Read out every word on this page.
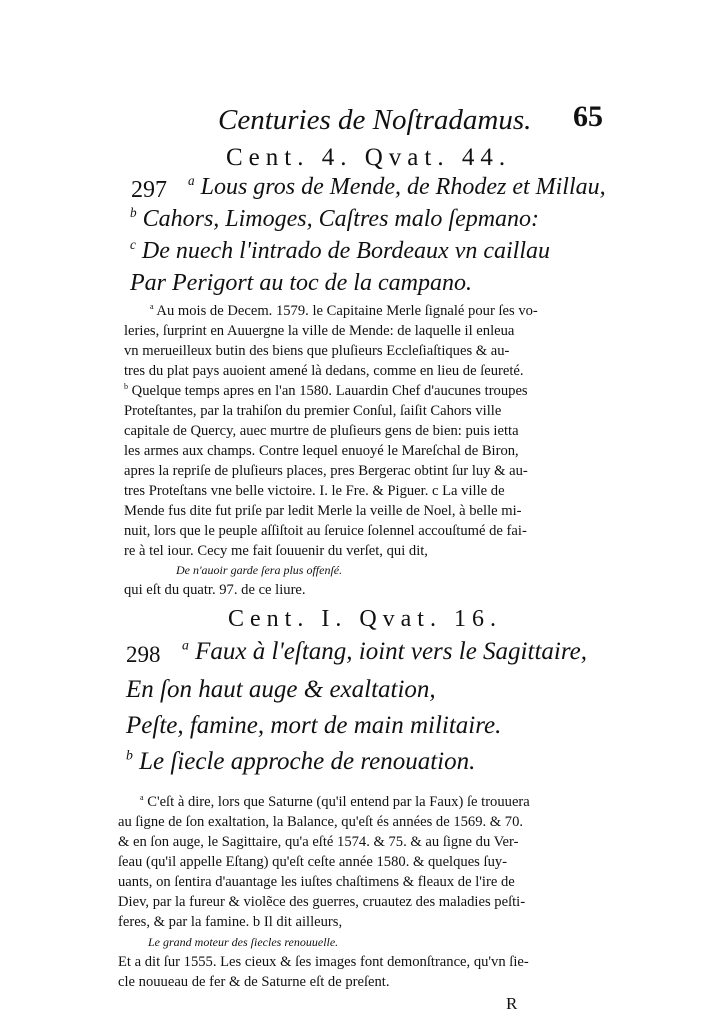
Centuries de Noſtradamus. 65
Cent. 4. Qvat. 44.
297 $^a$ Lous gros de Mende, de Rhodez et Millau,
$^b$ Cahors, Limoges, Caſtres malo ſepmano:
$^c$ De nuech l'intrado de Bordeaux vn caillau
Par Perigort au toc de la campano.
$^a$ Au mois de Decem. 1579. le Capitaine Merle ſignalé pour ſes vo-
leries, ſurprint en Auuergne la ville de Mende: de laquelle il enleua
vn merueilleux butin des biens que pluſieurs Eccleſiaſtiques & au-
tres du plat pays auoient amené là dedans, comme en lieu de ſeureté.
$^b$ Quelque temps apres en l'an 1580. Lauardin Chef d'aucunes troupes
Proteſtantes, par la trahiſon du premier Conſul, ſaiſit Cahors ville
capitale de Quercy, auec murtre de pluſieurs gens de bien: puis ietta
les armes aux champs. Contre lequel enuoyé le Mareſchal de Biron,
apres la repriſe de pluſieurs places, pres Bergerac obtint ſur luy & au-
tres Proteſtans vne belle victoire. I. le Fre. & Piguer. c La ville de
Mende fus dite fut priſe par ledit Merle la veille de Noel, à belle mi-
nuit, lors que le peuple aſſiſtoit au ſeruice ſolennel accouſtumé de fai-
re à tel iour. Cecy me fait ſouuenir du verſet, qui dit,
De n'auoir garde ſera plus offenſé.
qui eſt du quatr. 97. de ce liure.
Cent. I. Qvat. 16.
298 $^a$ Faux à l'eſtang, ioint vers le Sagittaire,
En ſon haut auge & exaltation,
Peſte, famine, mort de main militaire.
$^b$ Le ſiecle approche de renouation.
$^a$ C'eſt à dire, lors que Saturne (qu'il entend par la Faux) ſe trouuera
au ſigne de ſon exaltation, la Balance, qu'eſt és années de 1569. & 70.
& en ſon auge, le Sagittaire, qu'a eſté 1574. & 75. & au ſigne du Ver-
ſeau (qu'il appelle Eſtang) qu'eſt ceſte année 1580. & quelques ſuy-
uants, on ſentira d'auantage les iuſtes chaſtimens & fleaux de l'ire de
Diev, par la fureur & violẽce des guerres, cruautez des maladies peſti-
feres, & par la famine. b Il dit ailleurs,
Le grand moteur des ſiecles renouuelle.
Et a dit ſur 1555. Les cieux & ſes images font demonſtrance, qu'vn ſie-
cle nouueau de fer & de Saturne eſt de preſent.
R
